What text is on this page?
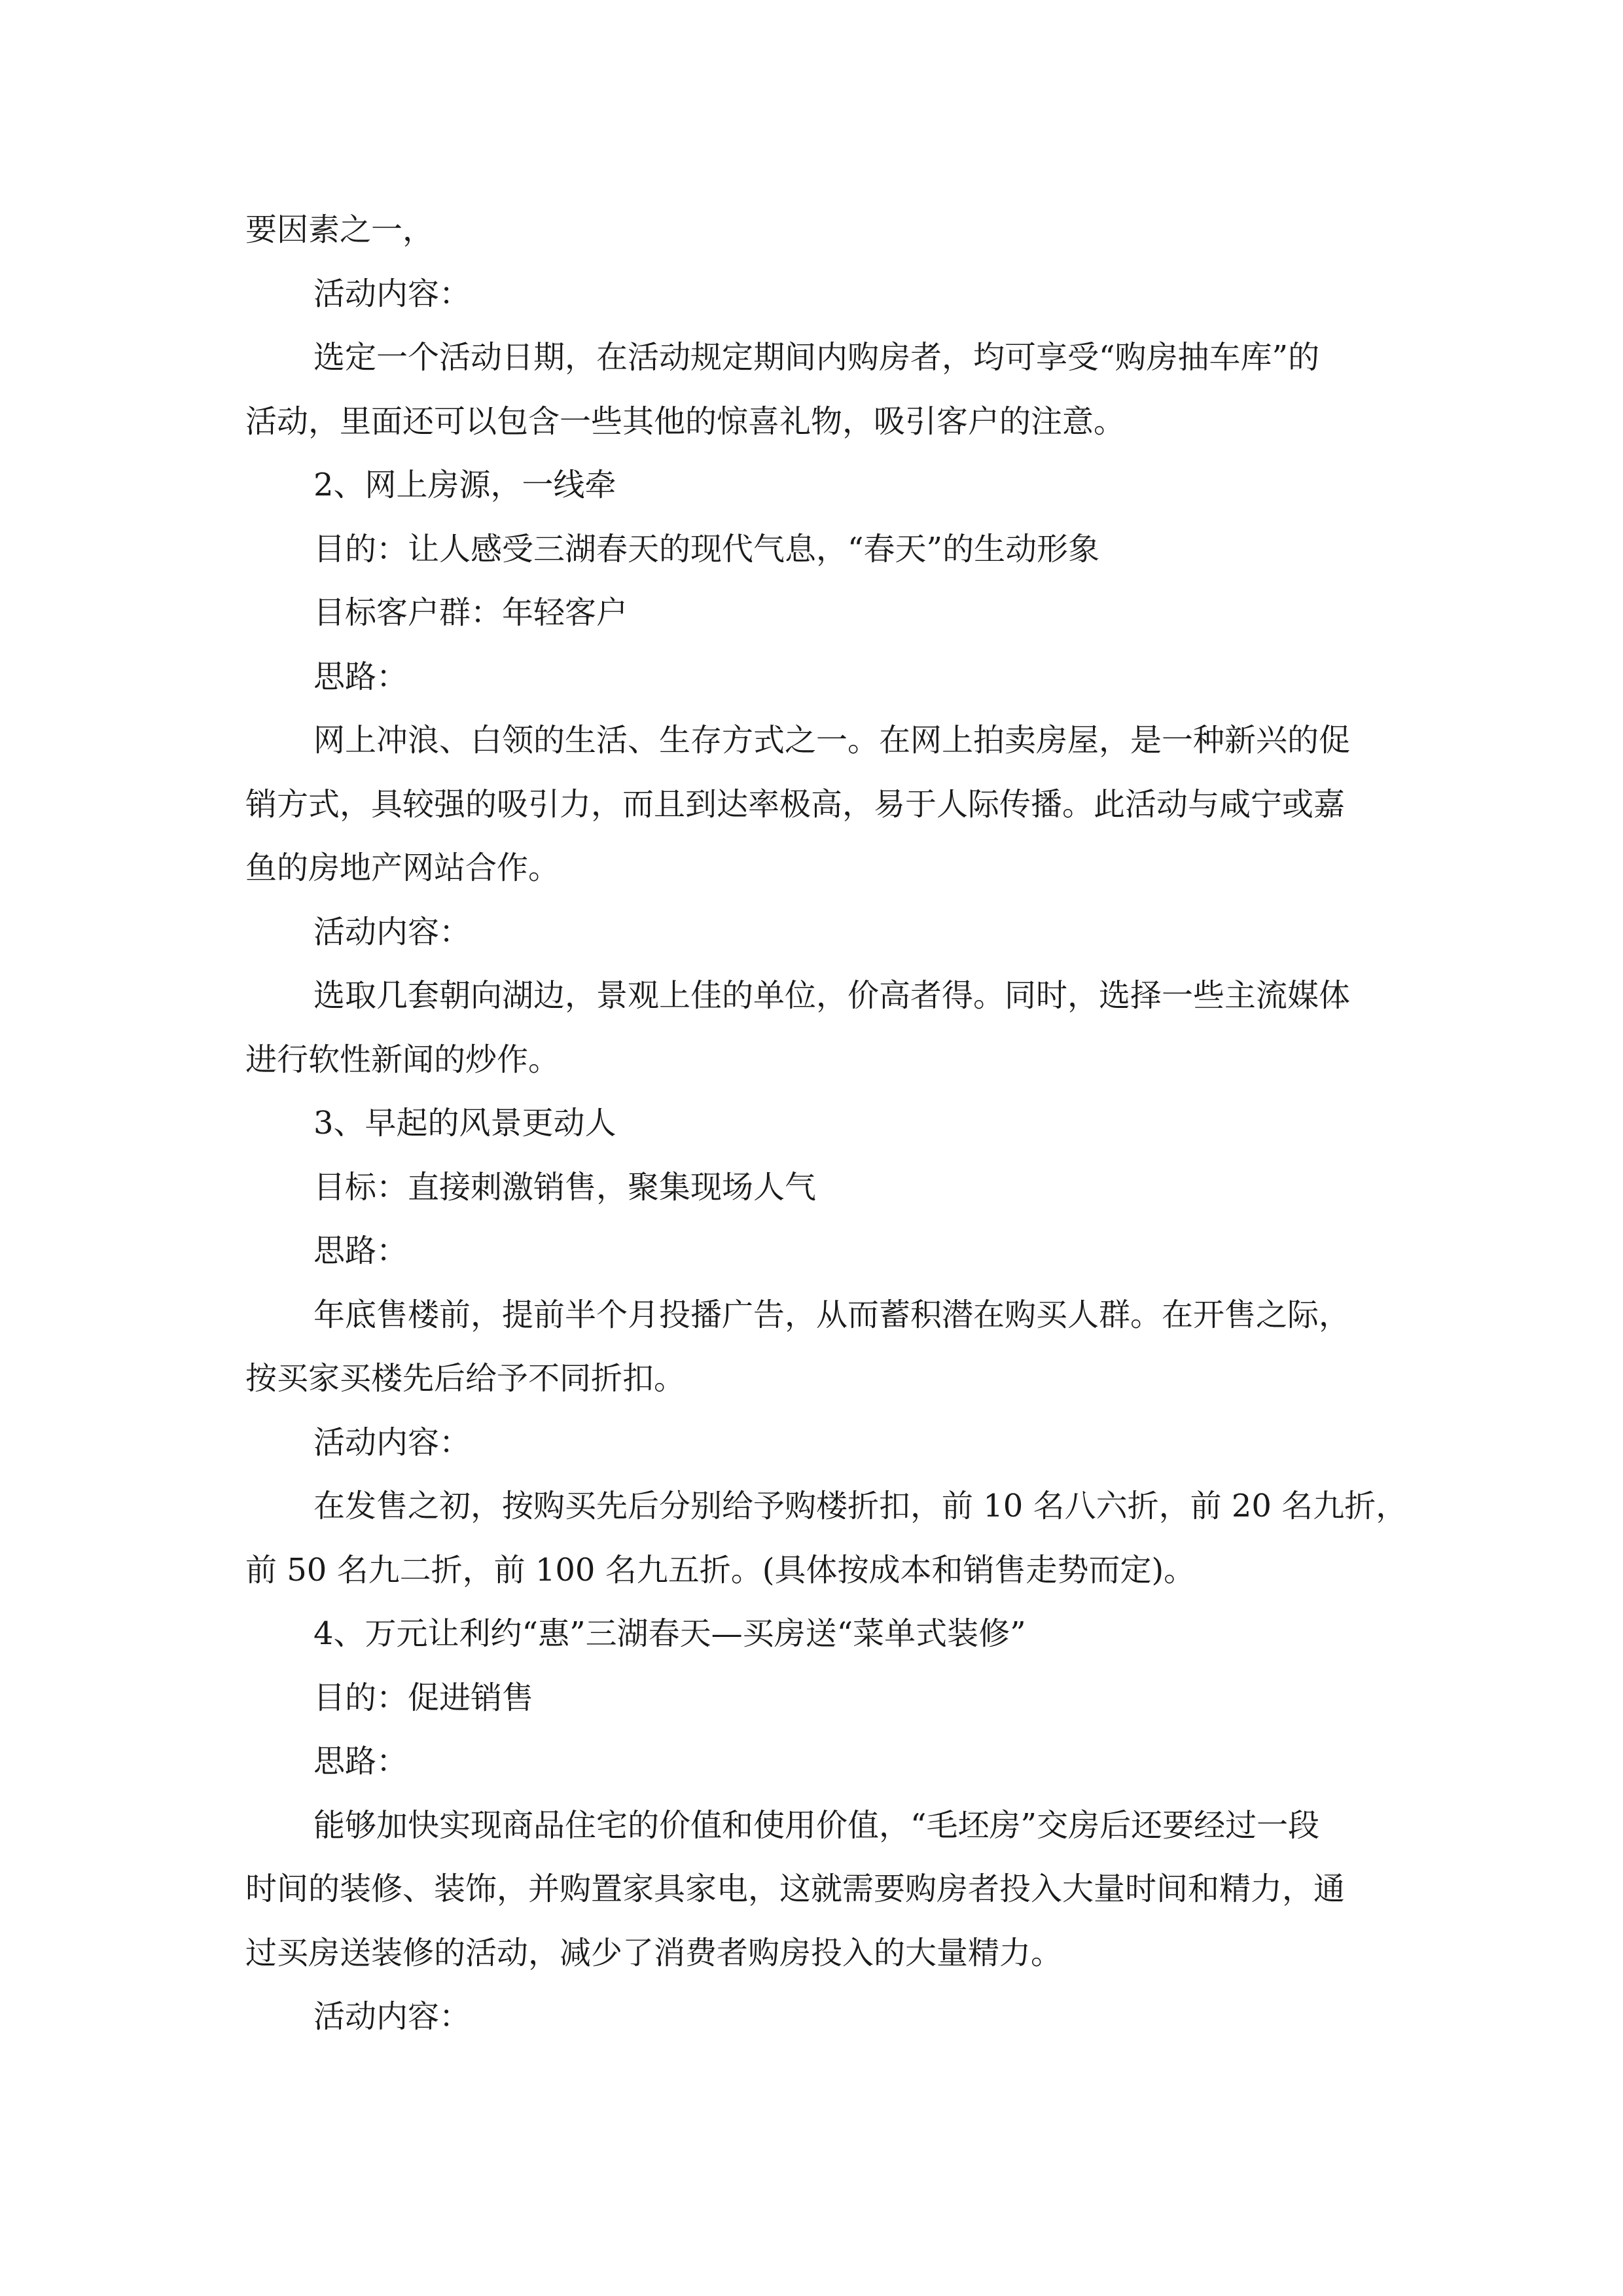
要因素之一，
活动内容：
选定一个活动日期，在活动规定期间内购房者，均可享受“购房抽车库”的
活动，里面还可以包含一些其他的惊喜礼物，吸引客户的注意。
2、网上房源，一线牵
目的：让人感受三湖春天的现代气息，“春天”的生动形象
目标客户群：年轻客户
思路：
网上冲浪、白领的生活、生存方式之一。在网上拍卖房屋，是一种新兴的促
销方式，具较强的吸引力，而且到达率极高，易于人际传播。此活动与咸宁或嘉
鱼的房地产网站合作。
活动内容：
选取几套朝向湖边，景观上佳的单位，价高者得。同时，选择一些主流媒体
进行软性新闻的炒作。
3、早起的风景更动人
目标：直接刺激销售，聚集现场人气
思路：
年底售楼前，提前半个月投播广告，从而蓄积潜在购买人群。在开售之际，
按买家买楼先后给予不同折扣。
活动内容：
在发售之初，按购买先后分别给予购楼折扣，前 10 名八六折，前 20 名九折，
前 50 名九二折，前 100 名九五折。(具体按成本和销售走势而定)。
4、万元让利约“惠”三湖春天—买房送“菜单式装修”
目的：促进销售
思路：
能够加快实现商品住宅的价值和使用价值，“毛坯房”交房后还要经过一段
时间的装修、装饰，并购置家具家电，这就需要购房者投入大量时间和精力，通
过买房送装修的活动，减少了消费者购房投入的大量精力。
活动内容：
